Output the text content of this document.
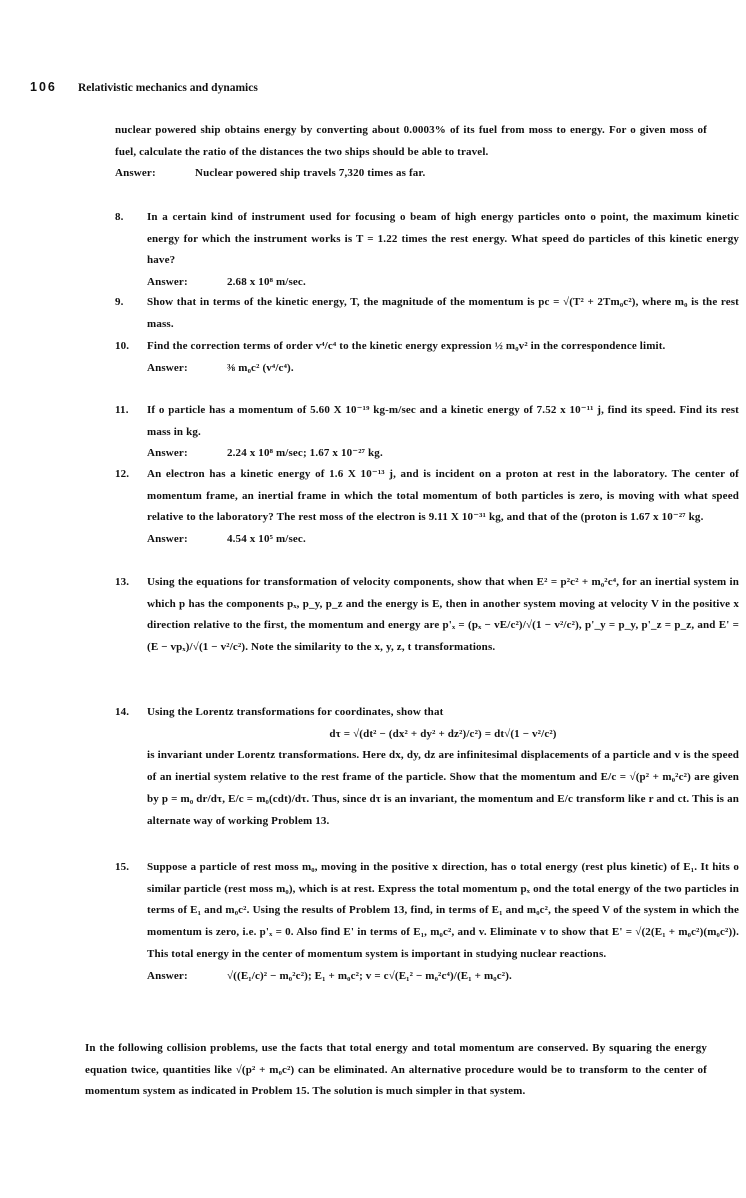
106 Relativistic mechanics and dynamics

nuclear powered ship obtains energy by converting about 0.0003% of its fuel from moss to energy. For o given moss of fuel, calculate the ratio of the distances the two ships should be able to travel.

Answer:	Nuclear powered ship travels 7,320 times as far.

8. In a certain kind of instrument used for focusing o beam of high energy particles onto o point, the maximum kinetic energy for which the instrument works is T = 1.22 times the rest energy. What speed do particles of this kinetic energy have?

Answer:	2.68 x 10⁸ m/sec.

9. Show that in terms of the kinetic energy, T, the magnitude of the momentum is pc = √(T² + 2Tm₀c²), where m₀ is the rest mass.

10. Find the correction terms of order v⁴/c⁴ to the kinetic energy expression ½ m₀v² in the correspondence limit.

Answer:	⅜ m₀c² (v⁴/c⁴).

11. If o particle has a momentum of 5.60 X 10⁻¹⁹ kg-m/sec and a kinetic energy of 7.52 x 10⁻¹¹ j, find its speed. Find its rest mass in kg.

Answer:	2.24 x 10⁸ m/sec; 1.67 x 10⁻²⁷ kg.

12. An electron has a kinetic energy of 1.6 X 10⁻¹³ j, and is incident on a proton at rest in the laboratory. The center of momentum frame, an inertial frame in which the total momentum of both particles is zero, is moving with what speed relative to the laboratory? The rest moss of the electron is 9.11 X 10⁻³¹ kg, and that of the (proton is 1.67 x 10⁻²⁷ kg.

Answer:	4.54 x 10⁵ m/sec.

13. Using the equations for transformation of velocity components, show that when E² = p²c² + m₀²c⁴, for an inertial system in which p has the components pₓ, p_y, p_z and the energy is E, then in another system moving at velocity V in the positive x direction relative to the first, the momentum and energy are p'ₓ = (pₓ − vE/c²)/√(1 − v²/c²), p'_y = p_y, p'_z = p_z, and E' = (E − vpₓ)/√(1 − v²/c²). Note the similarity to the x, y, z, t transformations.

14. Using the Lorentz transformations for coordinates, show that

dτ = √(dt² − (dx² + dy² + dz²)/c²) = dt√(1 − v²/c²)

is invariant under Lorentz transformations. Here dx, dy, dz are infinitesimal displacements of a particle and v is the speed of an inertial system relative to the rest frame of the particle. Show that the momentum and E/c = √(p² + m₀²c²) are given by p = m₀ dr/dτ, E/c = m₀(cdt)/dτ. Thus, since dτ is an invariant, the momentum and E/c transform like r and ct. This is an alternate way of working Problem 13.

15. Suppose a particle of rest moss m₀, moving in the positive x direction, has o total energy (rest plus kinetic) of E₁. It hits o similar particle (rest moss m₀), which is at rest. Express the total momentum pₓ ond the total energy of the two particles in terms of E₁ and m₀c². Using the results of Problem 13, find, in terms of E₁ and m₀c², the speed V of the system in which the momentum is zero, i.e. p'ₓ = 0. Also find E' in terms of E₁, m₀c², and v. Eliminate v to show that E' = √(2(E₁ + m₀c²)(m₀c²)). This total energy in the center of momentum system is important in studying nuclear reactions.

Answer:	√((E₁/c)² − m₀²c²); E₁ + m₀c²; v = c√(E₁² − m₀²c⁴)/(E₁ + m₀c²).

In the following collision problems, use the facts that total energy and total momentum are conserved. By squaring the energy equation twice, quantities like √(p² + m₀c²) can be eliminated. An alternative procedure would be to transform to the center of momentum system as indicated in Problem 15. The solution is much simpler in that system.
